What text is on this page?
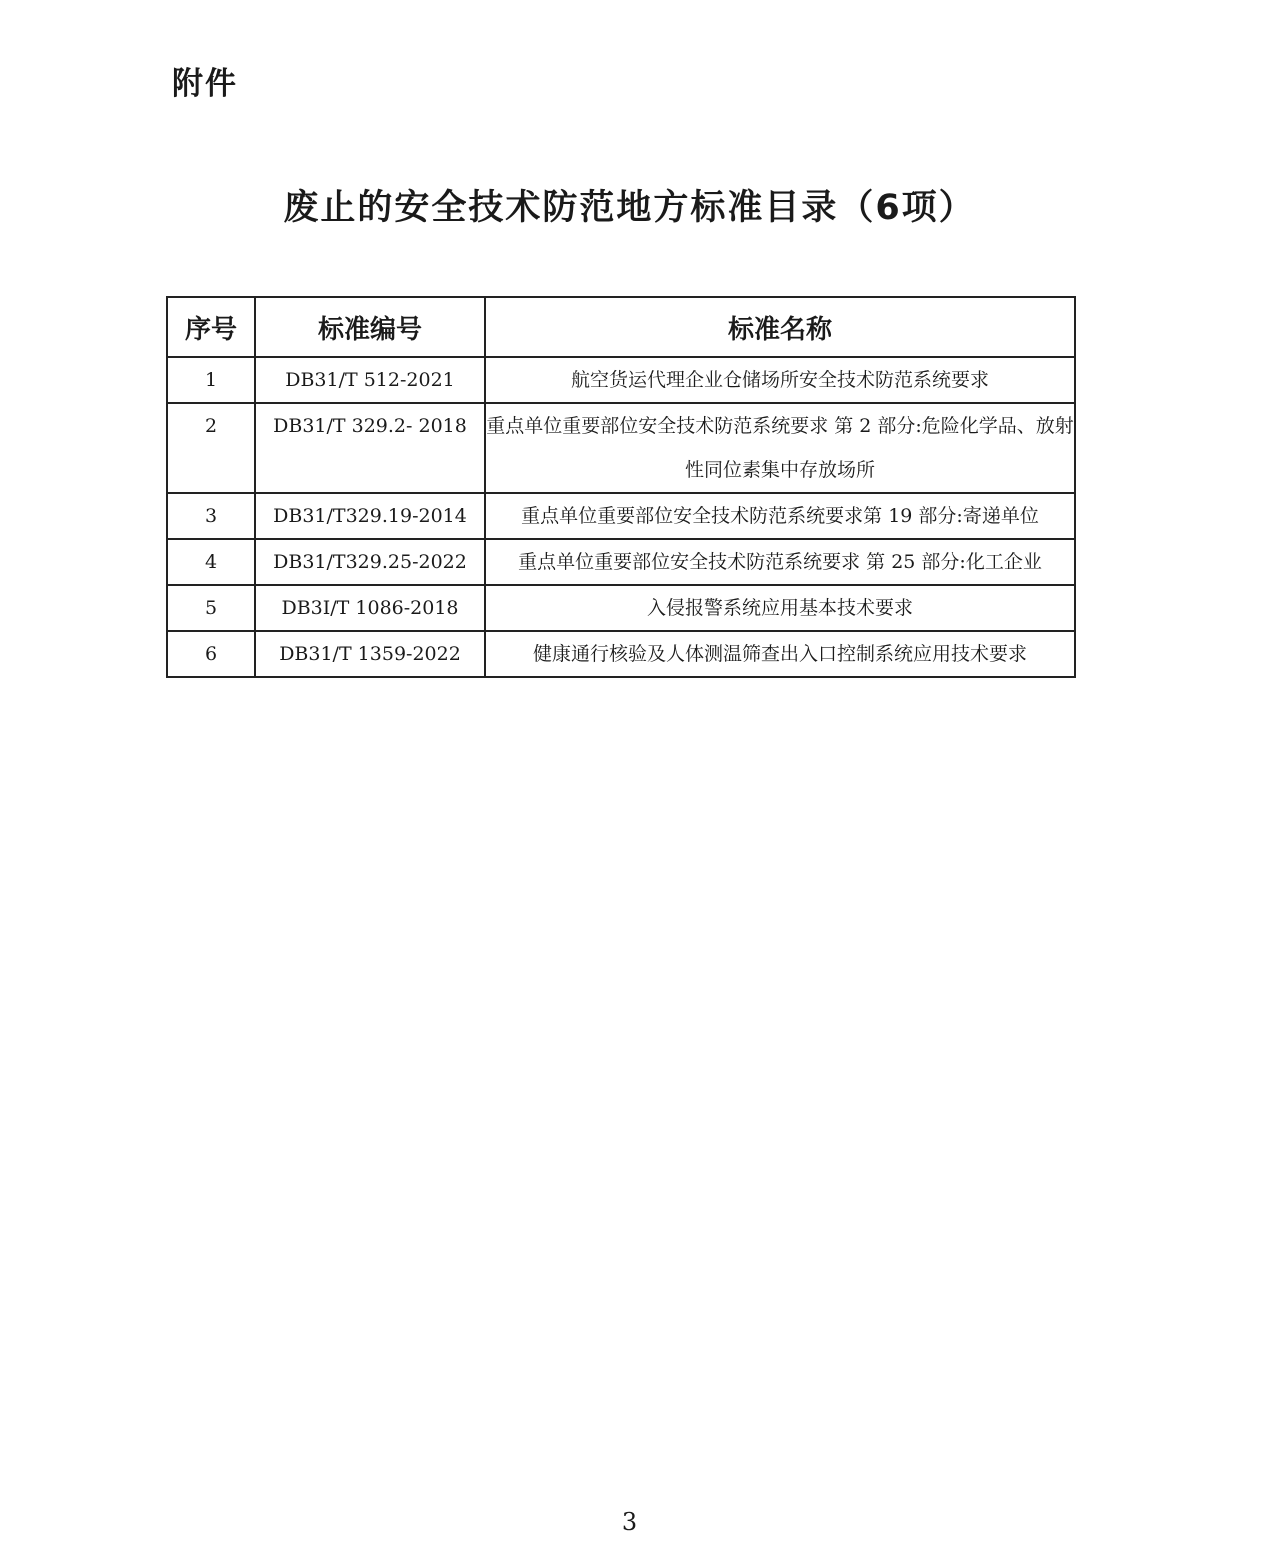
附件
废止的安全技术防范地方标准目录（6项）
序号	标准编号	标准名称
1	DB31/T 512-2021	航空货运代理企业仓储场所安全技术防范系统要求
2	DB31/T 329.2- 2018	重点单位重要部位安全技术防范系统要求 第 2 部分:危险化学品、放射性同位素集中存放场所
3	DB31/T329.19-2014	重点单位重要部位安全技术防范系统要求第 19 部分:寄递单位
4	DB31/T329.25-2022	重点单位重要部位安全技术防范系统要求 第 25 部分:化工企业
5	DB3I/T 1086-2018	入侵报警系统应用基本技术要求
6	DB31/T 1359-2022	健康通行核验及人体测温筛查出入口控制系统应用技术要求
3
